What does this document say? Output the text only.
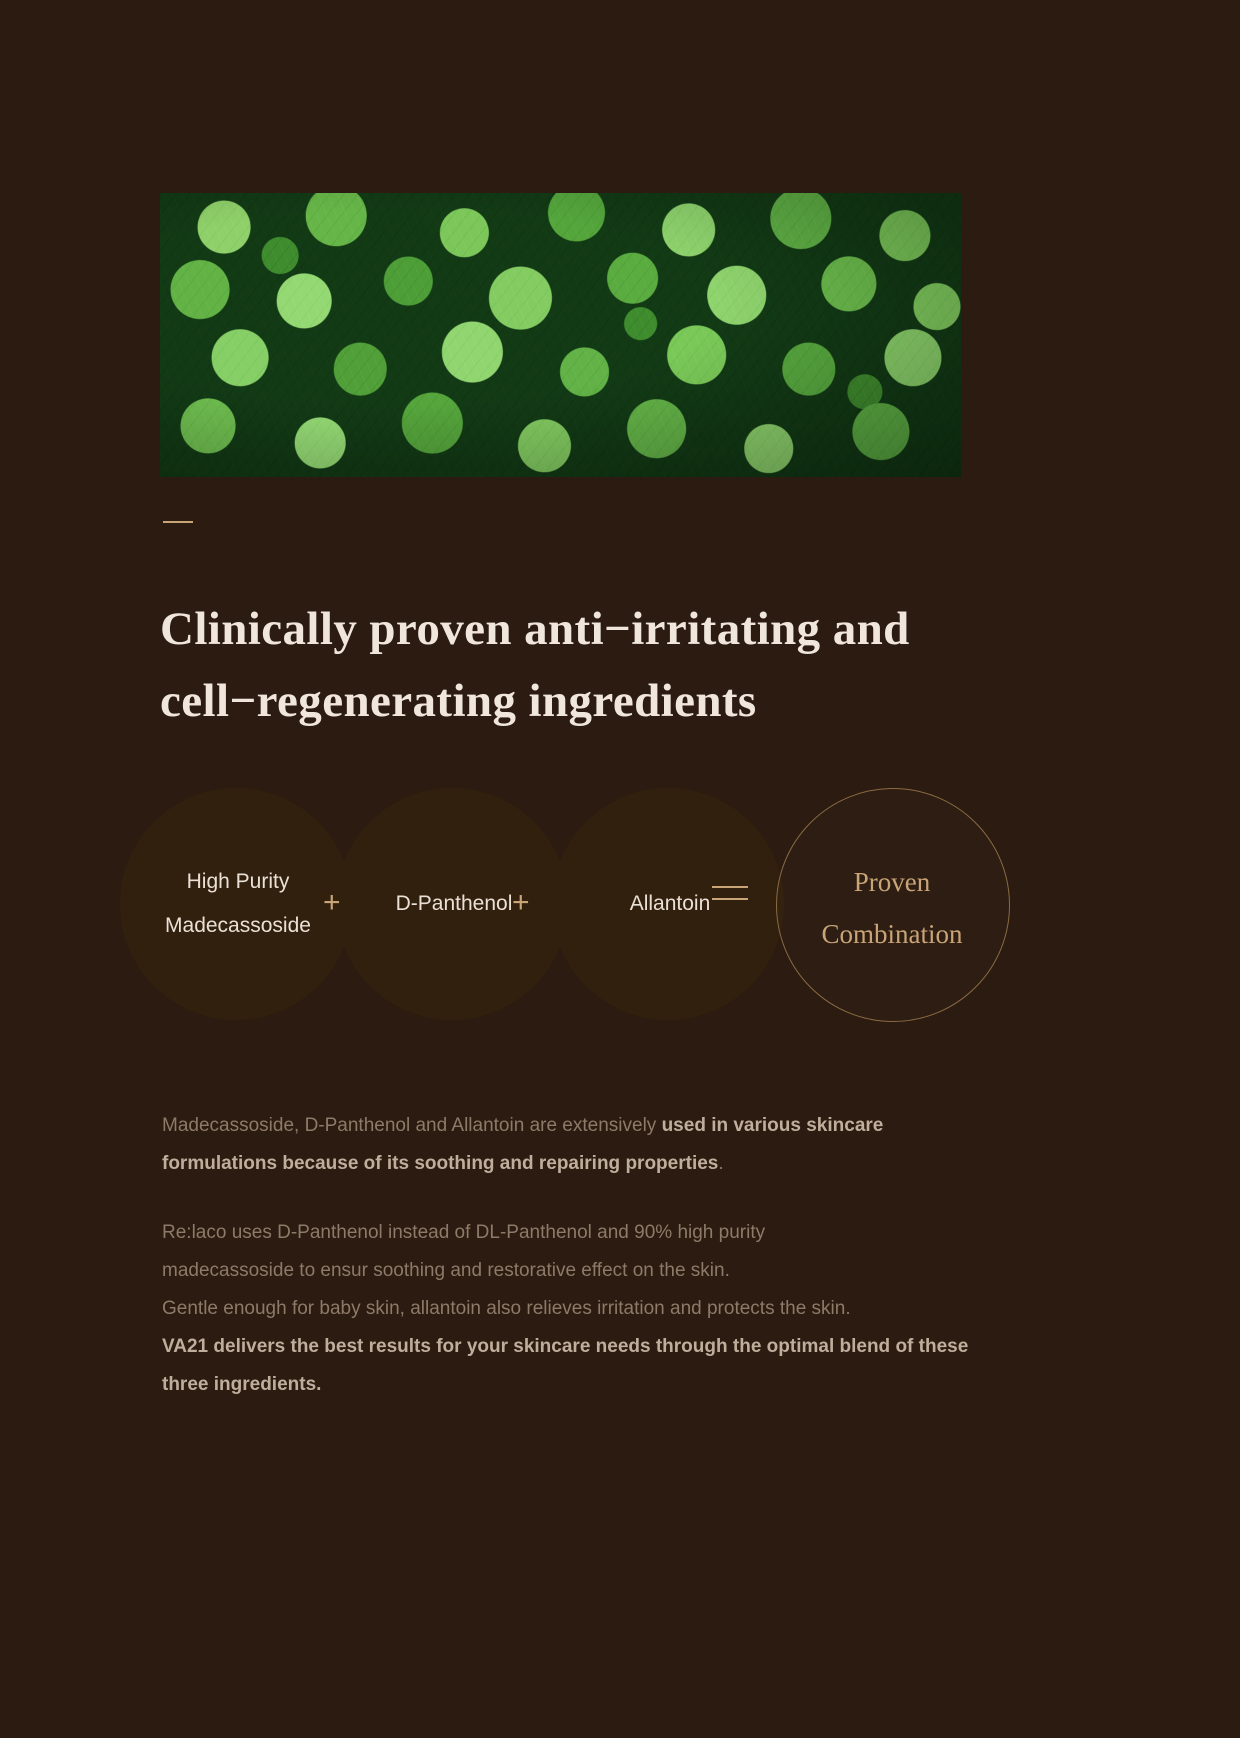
Clinically proven anti−irritating and cell−regenerating ingredients
High Purity
Madecassoside
+	D-Panthenol +	Allantoin
Proven
Combination

Madecassoside, D-Panthenol and Allantoin are extensively used in various skincare formulations because of its soothing and repairing properties.

Re:laco uses D-Panthenol instead of DL-Panthenol and 90% high purity
madecassoside to ensur soothing and restorative effect on the skin.
Gentle enough for baby skin, allantoin also relieves irritation and protects the skin.
VA21 delivers the best results for your skincare needs through the optimal blend of these three ingredients.
